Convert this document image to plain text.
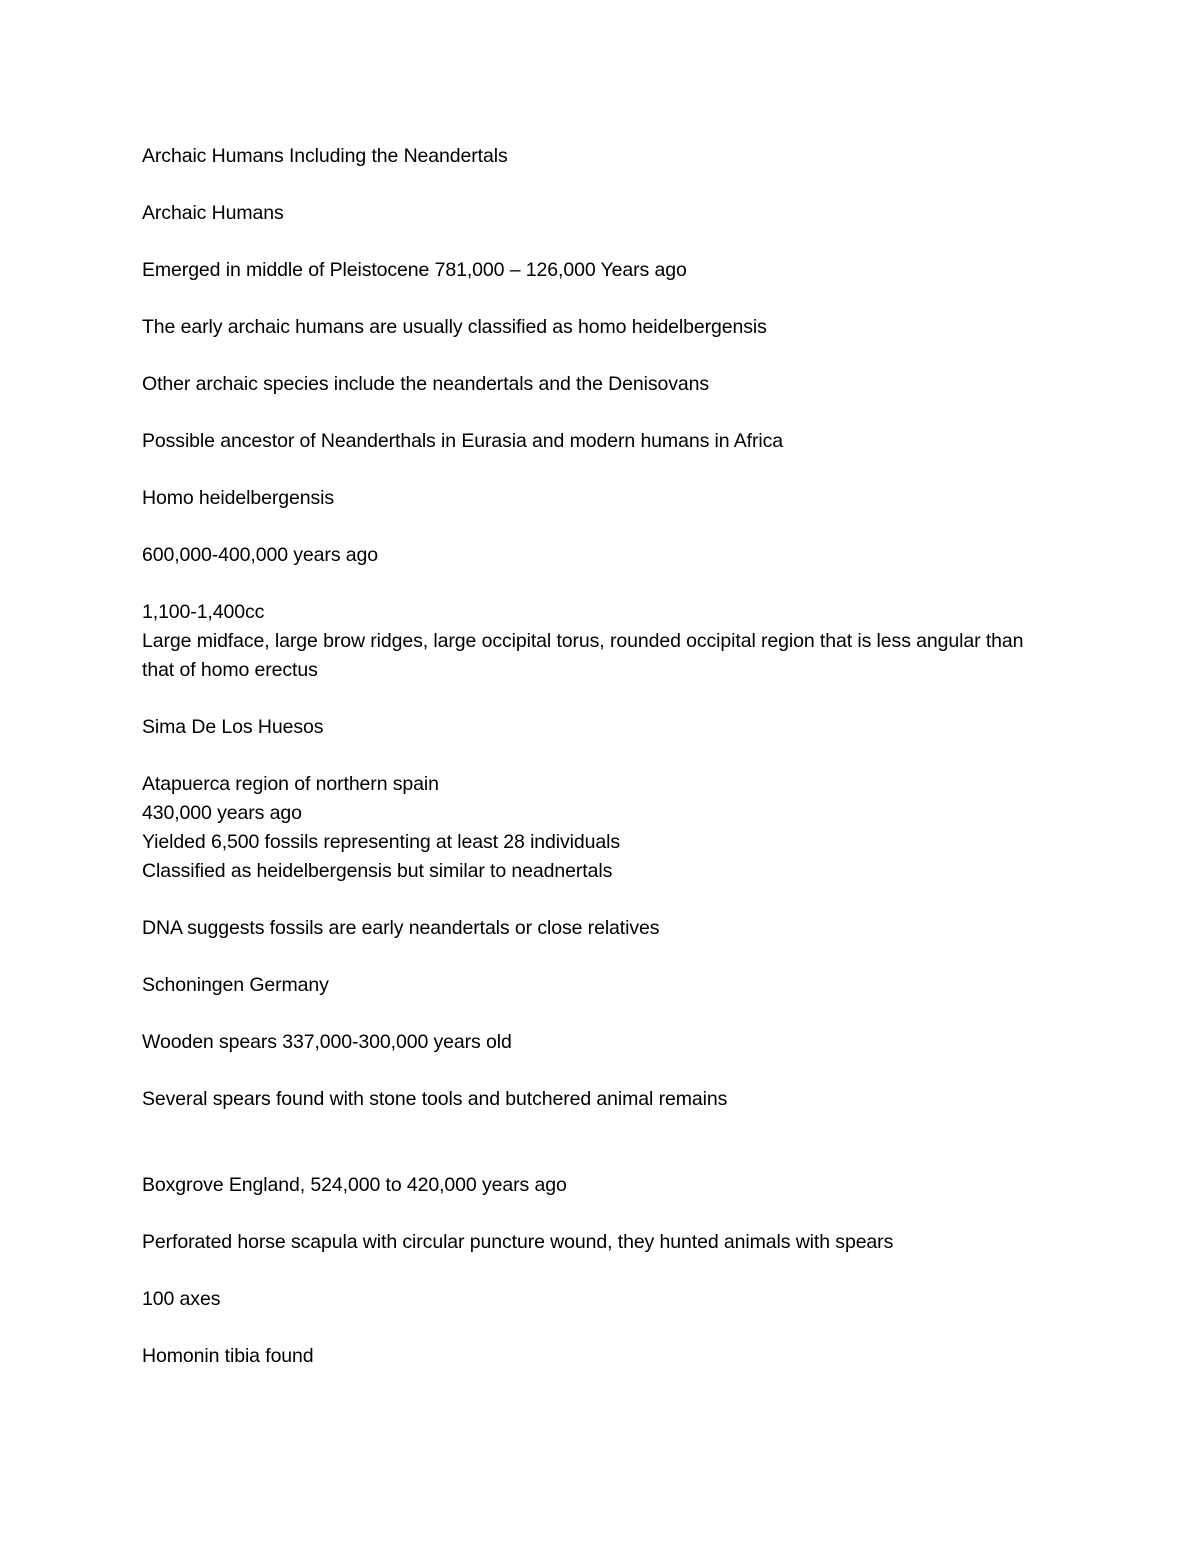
Archaic Humans Including the Neandertals

Archaic Humans

Emerged in middle of Pleistocene 781,000 – 126,000 Years ago

The early archaic humans are usually classified as homo heidelbergensis

Other archaic species include the neandertals and the Denisovans

Possible ancestor of Neanderthals in Eurasia and modern humans in Africa

Homo heidelbergensis

600,000-400,000 years ago

1,100-1,400cc
Large midface, large brow ridges, large occipital torus, rounded occipital region that is less angular than that of homo erectus

Sima De Los Huesos

Atapuerca region of northern spain
430,000 years ago
Yielded 6,500 fossils representing at least 28 individuals
Classified as heidelbergensis but similar to neadnertals

DNA suggests fossils are early neandertals or close relatives

Schoningen Germany

Wooden spears 337,000-300,000 years old

Several spears found with stone tools and butchered animal remains

Boxgrove England, 524,000 to 420,000 years ago

Perforated horse scapula with circular puncture wound, they hunted animals with spears

100 axes

Homonin tibia found
